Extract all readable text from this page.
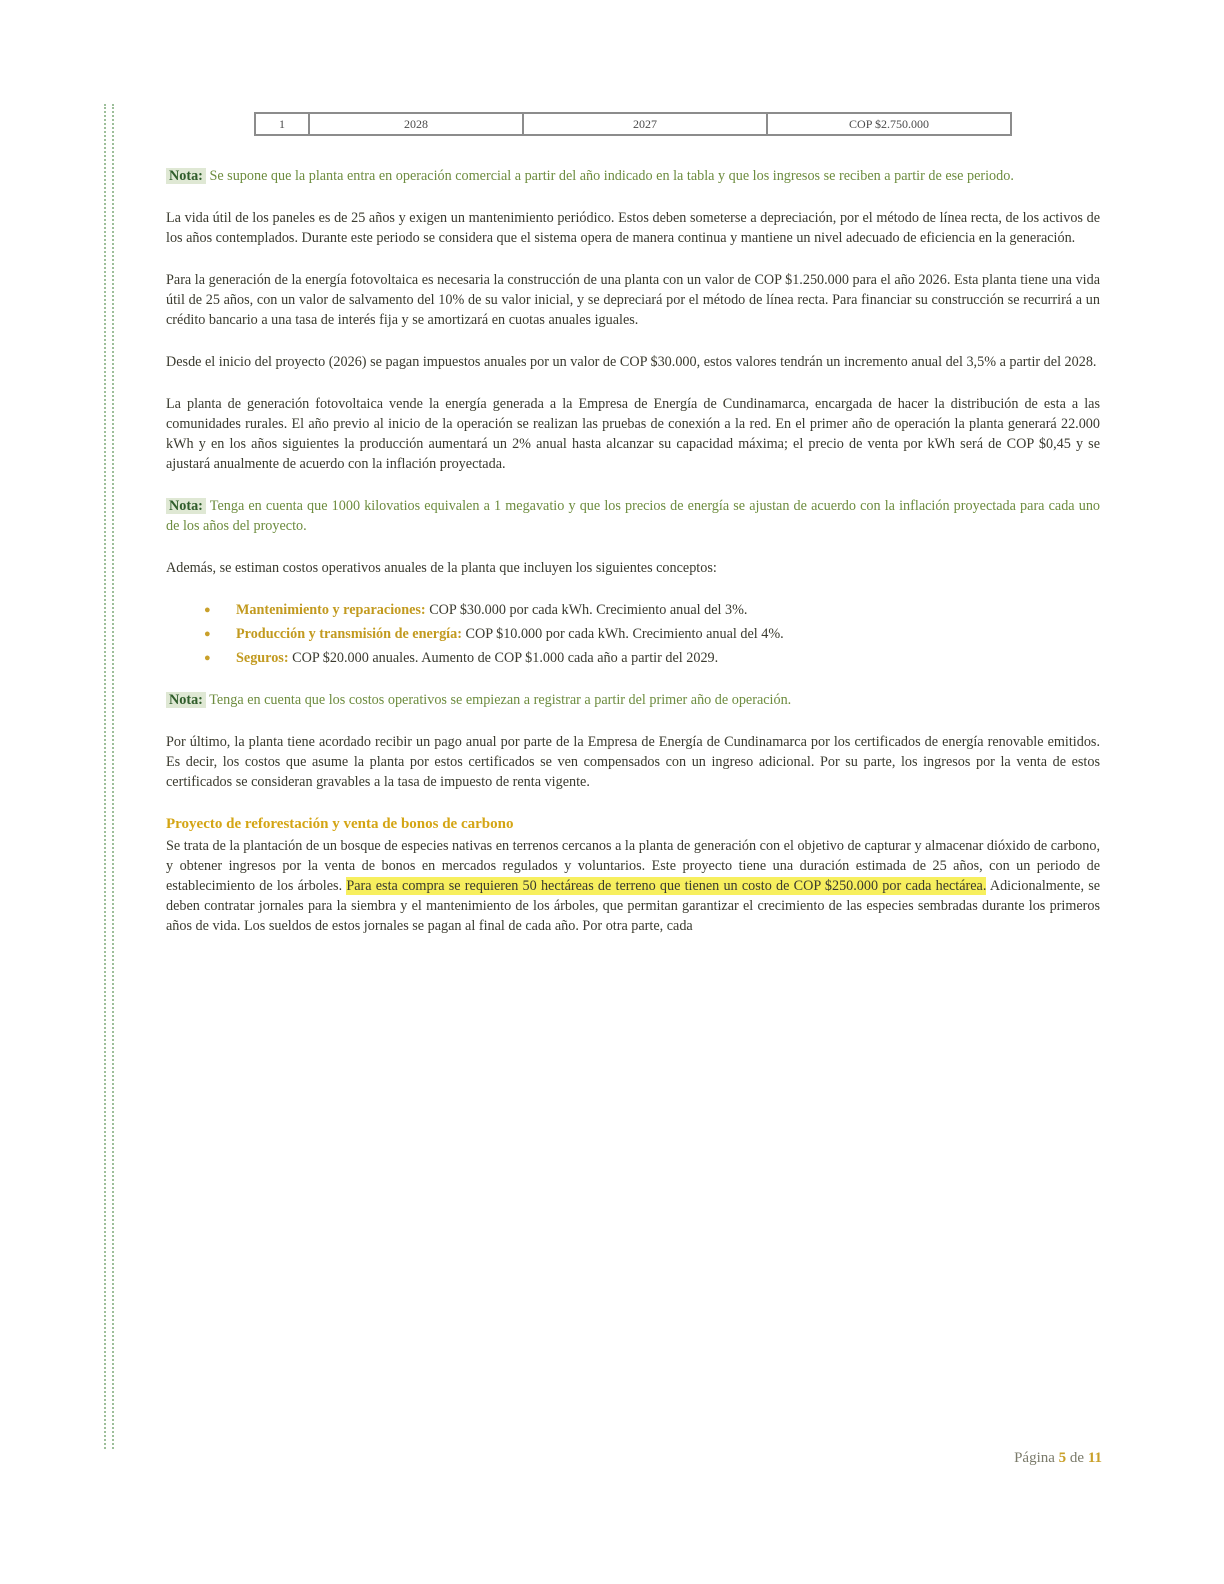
1	2028	2027	COP $2.750.000
Nota: Se supone que la planta entra en operación comercial a partir del año indicado en la tabla y que los ingresos se reciben a partir de ese periodo.

La vida útil de los paneles es de 25 años y exigen un mantenimiento periódico. Estos deben someterse a depreciación, por el método de línea recta, de los activos de los años contemplados. Durante este periodo se considera que el sistema opera de manera continua y mantiene un nivel adecuado de eficiencia en la generación.

Para la generación de la energía fotovoltaica es necesaria la construcción de una planta con un valor de COP $1.250.000 para el año 2026. Esta planta tiene una vida útil de 25 años, con un valor de salvamento del 10% de su valor inicial, y se depreciará por el método de línea recta. Para financiar su construcción se recurrirá a un crédito bancario a una tasa de interés fija y se amortizará en cuotas anuales iguales.

Desde el inicio del proyecto (2026) se pagan impuestos anuales por un valor de COP $30.000, estos valores tendrán un incremento anual del 3,5% a partir del 2028.

La planta de generación fotovoltaica vende la energía generada a la Empresa de Energía de Cundinamarca, encargada de hacer la distribución de esta a las comunidades rurales. El año previo al inicio de la operación se realizan las pruebas de conexión a la red. En el primer año de operación la planta generará 22.000 kWh y en los años siguientes la producción aumentará un 2% anual hasta alcanzar su capacidad máxima; el precio de venta por kWh será de COP $0,45 y se ajustará anualmente de acuerdo con la inflación proyectada.

Nota: Tenga en cuenta que 1000 kilovatios equivalen a 1 megavatio y que los precios de energía se ajustan de acuerdo con la inflación proyectada para cada uno de los años del proyecto.

Además, se estiman costos operativos anuales de la planta que incluyen los siguientes conceptos:

● Mantenimiento y reparaciones: COP $30.000 por cada kWh. Crecimiento anual del 3%.
● Producción y transmisión de energía: COP $10.000 por cada kWh. Crecimiento anual del 4%.
● Seguros: COP $20.000 anuales. Aumento de COP $1.000 cada año a partir del 2029.
Nota: Tenga en cuenta que los costos operativos se empiezan a registrar a partir del primer año de operación.

Por último, la planta tiene acordado recibir un pago anual por parte de la Empresa de Energía de Cundinamarca por los certificados de energía renovable emitidos. Es decir, los costos que asume la planta por estos certificados se ven compensados con un ingreso adicional. Por su parte, los ingresos por la venta de estos certificados se consideran gravables a la tasa de impuesto de renta vigente.

Proyecto de reforestación y venta de bonos de carbono

Se trata de la plantación de un bosque de especies nativas en terrenos cercanos a la planta de generación con el objetivo de capturar y almacenar dióxido de carbono, y obtener ingresos por la venta de bonos en mercados regulados y voluntarios. Este proyecto tiene una duración estimada de 25 años, con un periodo de establecimiento de los árboles. Para esta compra se requieren 50 hectáreas de terreno que tienen un costo de COP $250.000 por cada hectárea. Adicionalmente, se deben contratar jornales para la siembra y el mantenimiento de los árboles, que permitan garantizar el crecimiento de las especies sembradas durante los primeros años de vida. Los sueldos de estos jornales se pagan al final de cada año. Por otra parte, cada

Página 5 de 11
